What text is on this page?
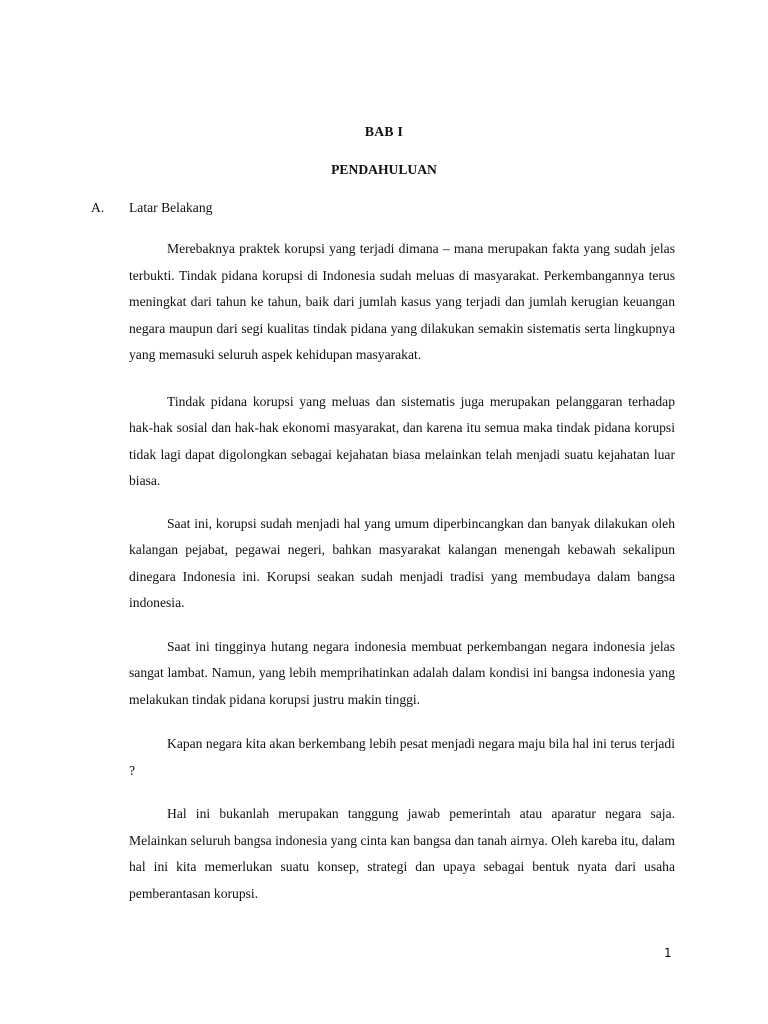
BAB I
PENDAHULUAN
A. Latar Belakang

Merebaknya praktek korupsi yang terjadi dimana – mana merupakan fakta yang sudah jelas terbukti. Tindak pidana korupsi di Indonesia sudah meluas di masyarakat. Perkembangannya terus meningkat dari tahun ke tahun, baik dari jumlah kasus yang terjadi dan jumlah kerugian keuangan negara maupun dari segi kualitas tindak pidana yang dilakukan semakin sistematis serta lingkupnya yang memasuki seluruh aspek kehidupan masyarakat.

Tindak pidana korupsi yang meluas dan sistematis juga merupakan pelanggaran terhadap hak-hak sosial dan hak-hak ekonomi masyarakat, dan karena itu semua maka tindak pidana korupsi tidak lagi dapat digolongkan sebagai kejahatan biasa melainkan telah menjadi suatu kejahatan luar biasa.

Saat ini, korupsi sudah menjadi hal yang umum diperbincangkan dan banyak dilakukan oleh kalangan pejabat, pegawai negeri, bahkan masyarakat kalangan menengah kebawah sekalipun dinegara Indonesia ini. Korupsi seakan sudah menjadi tradisi yang membudaya dalam bangsa indonesia.

Saat ini tingginya hutang negara indonesia membuat perkembangan negara indonesia jelas sangat lambat. Namun, yang lebih memprihatinkan adalah dalam kondisi ini bangsa indonesia yang melakukan tindak pidana korupsi justru makin tinggi.

Kapan negara kita akan berkembang lebih pesat menjadi negara maju bila hal ini terus terjadi ?

Hal ini bukanlah merupakan tanggung jawab pemerintah atau aparatur negara saja. Melainkan seluruh bangsa indonesia yang cinta kan bangsa dan tanah airnya. Oleh kareba itu, dalam hal ini kita memerlukan suatu konsep, strategi dan upaya sebagai bentuk nyata dari usaha pemberantasan korupsi.

1
